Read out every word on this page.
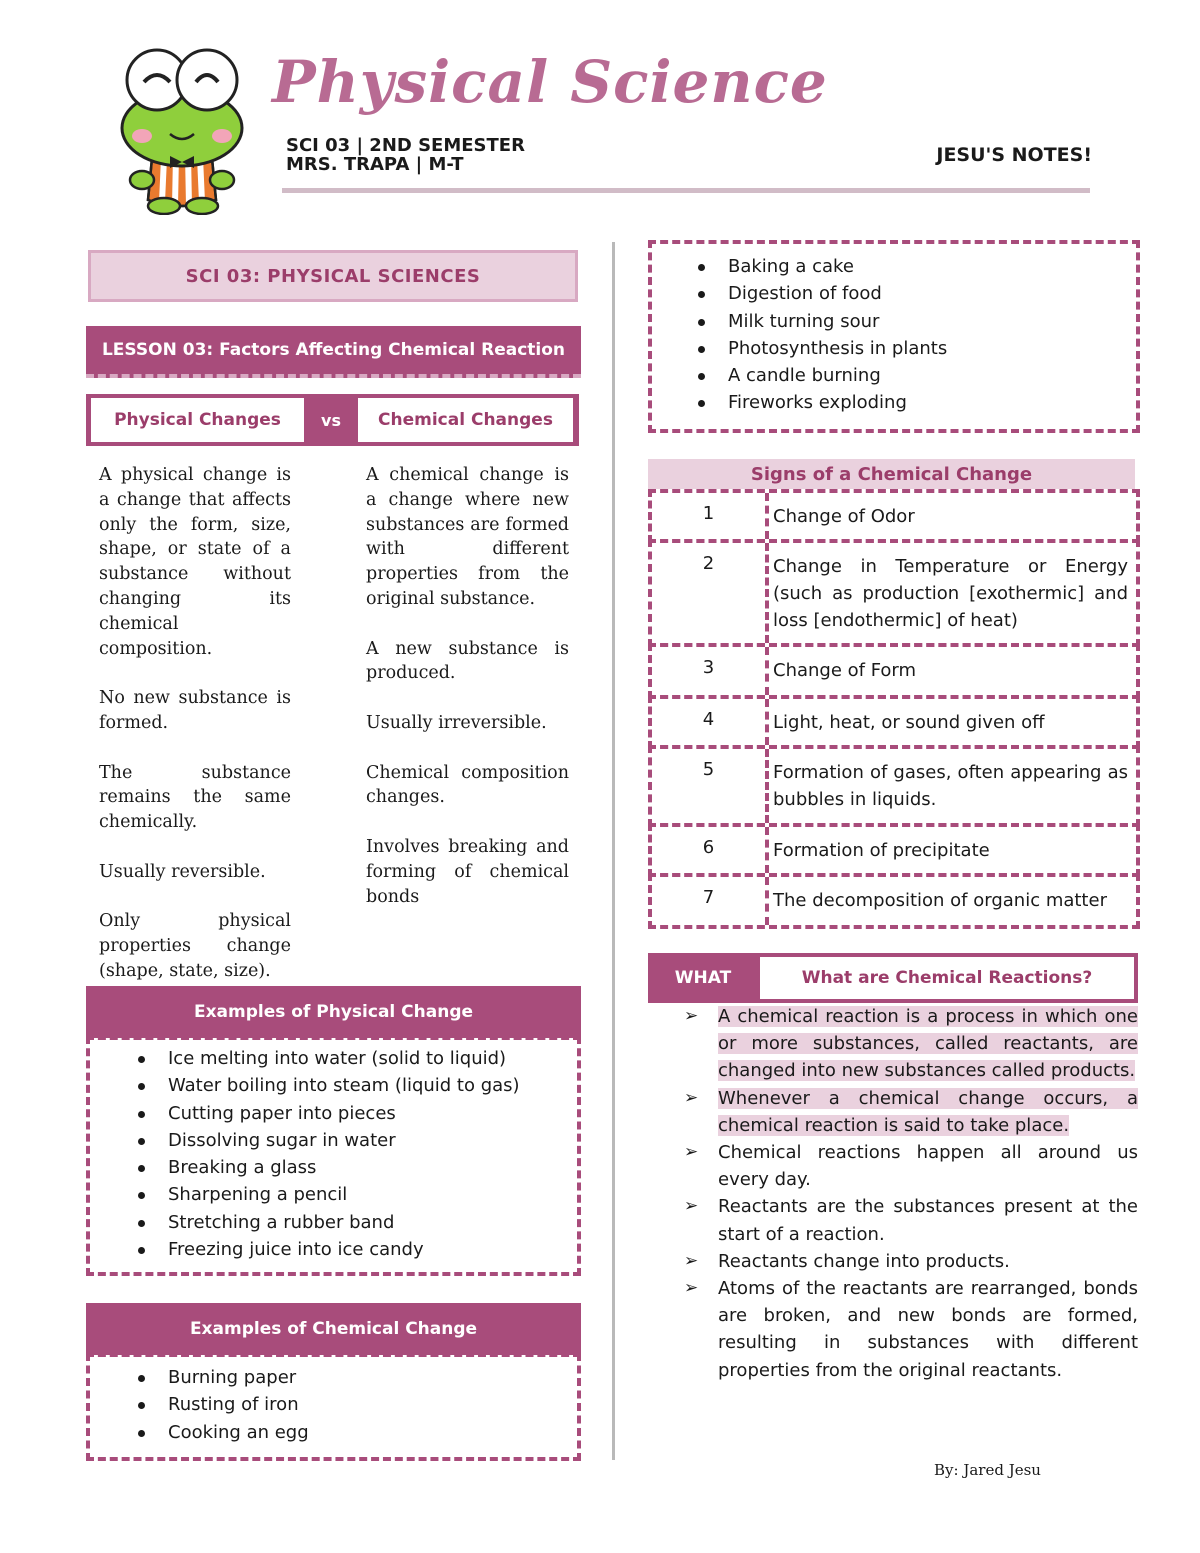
Physical Science
SCI 03 | 2ND SEMESTER
MRS. TRAPA | M-T	JESU'S NOTES!
SCI 03: PHYSICAL SCIENCES
LESSON 03: Factors Affecting Chemical Reaction
Physical Changes	vs	Chemical Changes

A physical change is a change that affects only the form, size, shape, or state of a substance without changing its chemical composition.

No new substance is formed.

The substance remains the same chemically.

Usually reversible.

Only physical properties change (shape, state, size).

A chemical change is a change where new substances are formed with different properties from the original substance.

A new substance is produced.

Usually irreversible.

Chemical composition changes.

Involves breaking and forming of chemical bonds

Examples of Physical Change
Ice melting into water (solid to liquid)
Water boiling into steam (liquid to gas)
Cutting paper into pieces
Dissolving sugar in water
Breaking a glass
Sharpening a pencil
Stretching a rubber band
Freezing juice into ice candy
Examples of Chemical Change
Burning paper
Rusting of iron
Cooking an egg
Baking a cake
Digestion of food
Milk turning sour
Photosynthesis in plants
A candle burning
Fireworks exploding
Signs of a Chemical Change
1	Change of Odor
2	Change in Temperature or Energy (such as production [exothermic] and loss [endothermic] of heat)
3	Change of Form
4	Light, heat, or sound given off
5	Formation of gases, often appearing as bubbles in liquids.
6	Formation of precipitate
7	The decomposition of organic matter
WHAT	What are Chemical Reactions?
➢ A chemical reaction is a process in which one or more substances, called reactants, are changed into new substances called products.
➢ Whenever a chemical change occurs, a chemical reaction is said to take place.
➢ Chemical reactions happen all around us every day.
➢ Reactants are the substances present at the start of a reaction.
➢ Reactants change into products.
➢ Atoms of the reactants are rearranged, bonds are broken, and new bonds are formed, resulting in substances with different properties from the original reactants.
By: Jared Jesu
